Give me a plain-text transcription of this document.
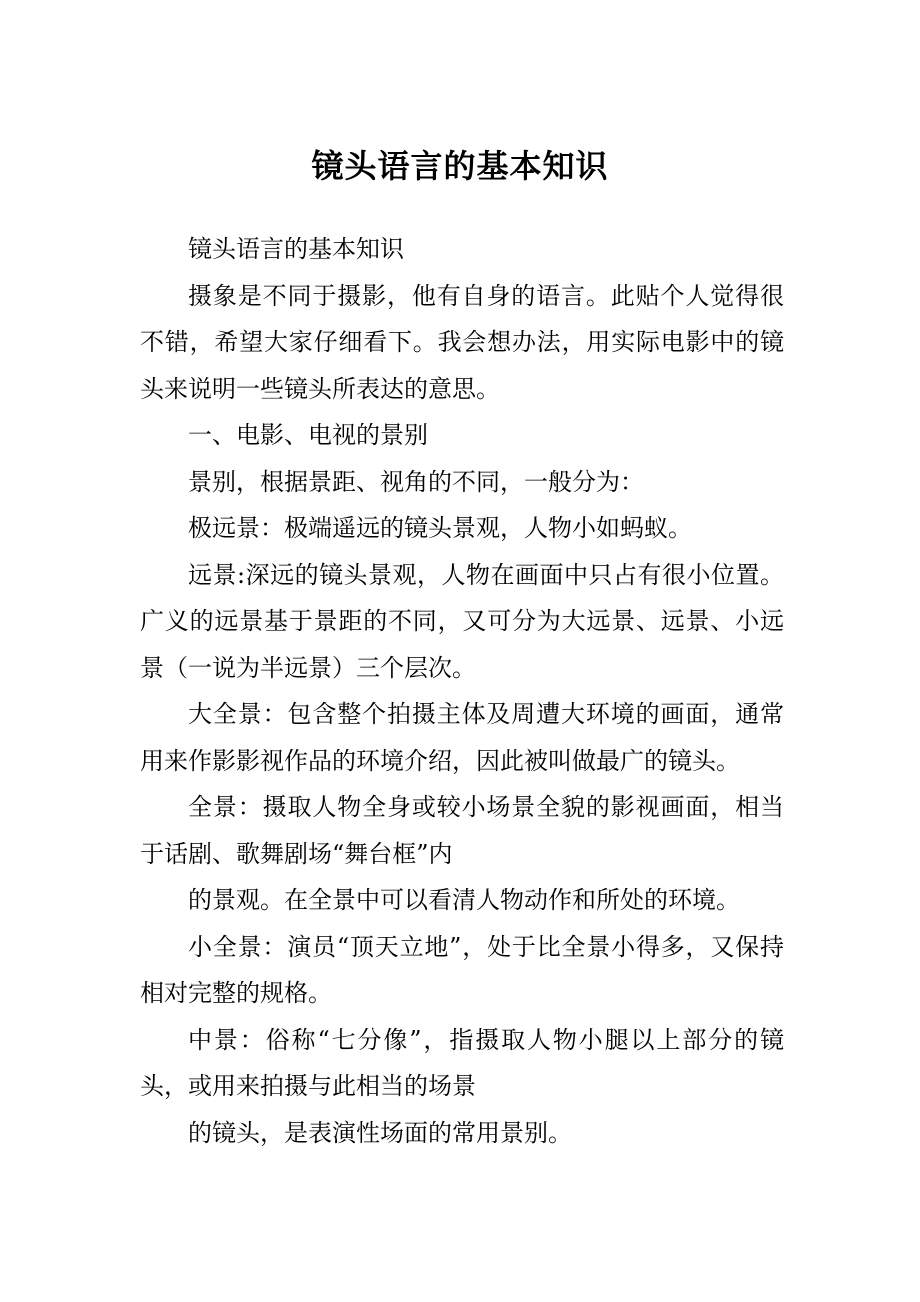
镜头语言的基本知识

镜头语言的基本知识

摄象是不同于摄影，他有自身的语言。此贴个人觉得很不错，希望大家仔细看下。我会想办法，用实际电影中的镜头来说明一些镜头所表达的意思。

一、电影、电视的景别

景别，根据景距、视角的不同，一般分为：

极远景：极端遥远的镜头景观，人物小如蚂蚁。

远景:深远的镜头景观，人物在画面中只占有很小位置。广义的远景基于景距的不同，又可分为大远景、远景、小远景（一说为半远景）三个层次。

大全景：包含整个拍摄主体及周遭大环境的画面，通常用来作影影视作品的环境介绍，因此被叫做最广的镜头。

全景：摄取人物全身或较小场景全貌的影视画面，相当于话剧、歌舞剧场“舞台框”内

的景观。在全景中可以看清人物动作和所处的环境。

小全景：演员“顶天立地”，处于比全景小得多，又保持相对完整的规格。

中景：俗称“七分像”，指摄取人物小腿以上部分的镜头，或用来拍摄与此相当的场景

的镜头，是表演性场面的常用景别。
